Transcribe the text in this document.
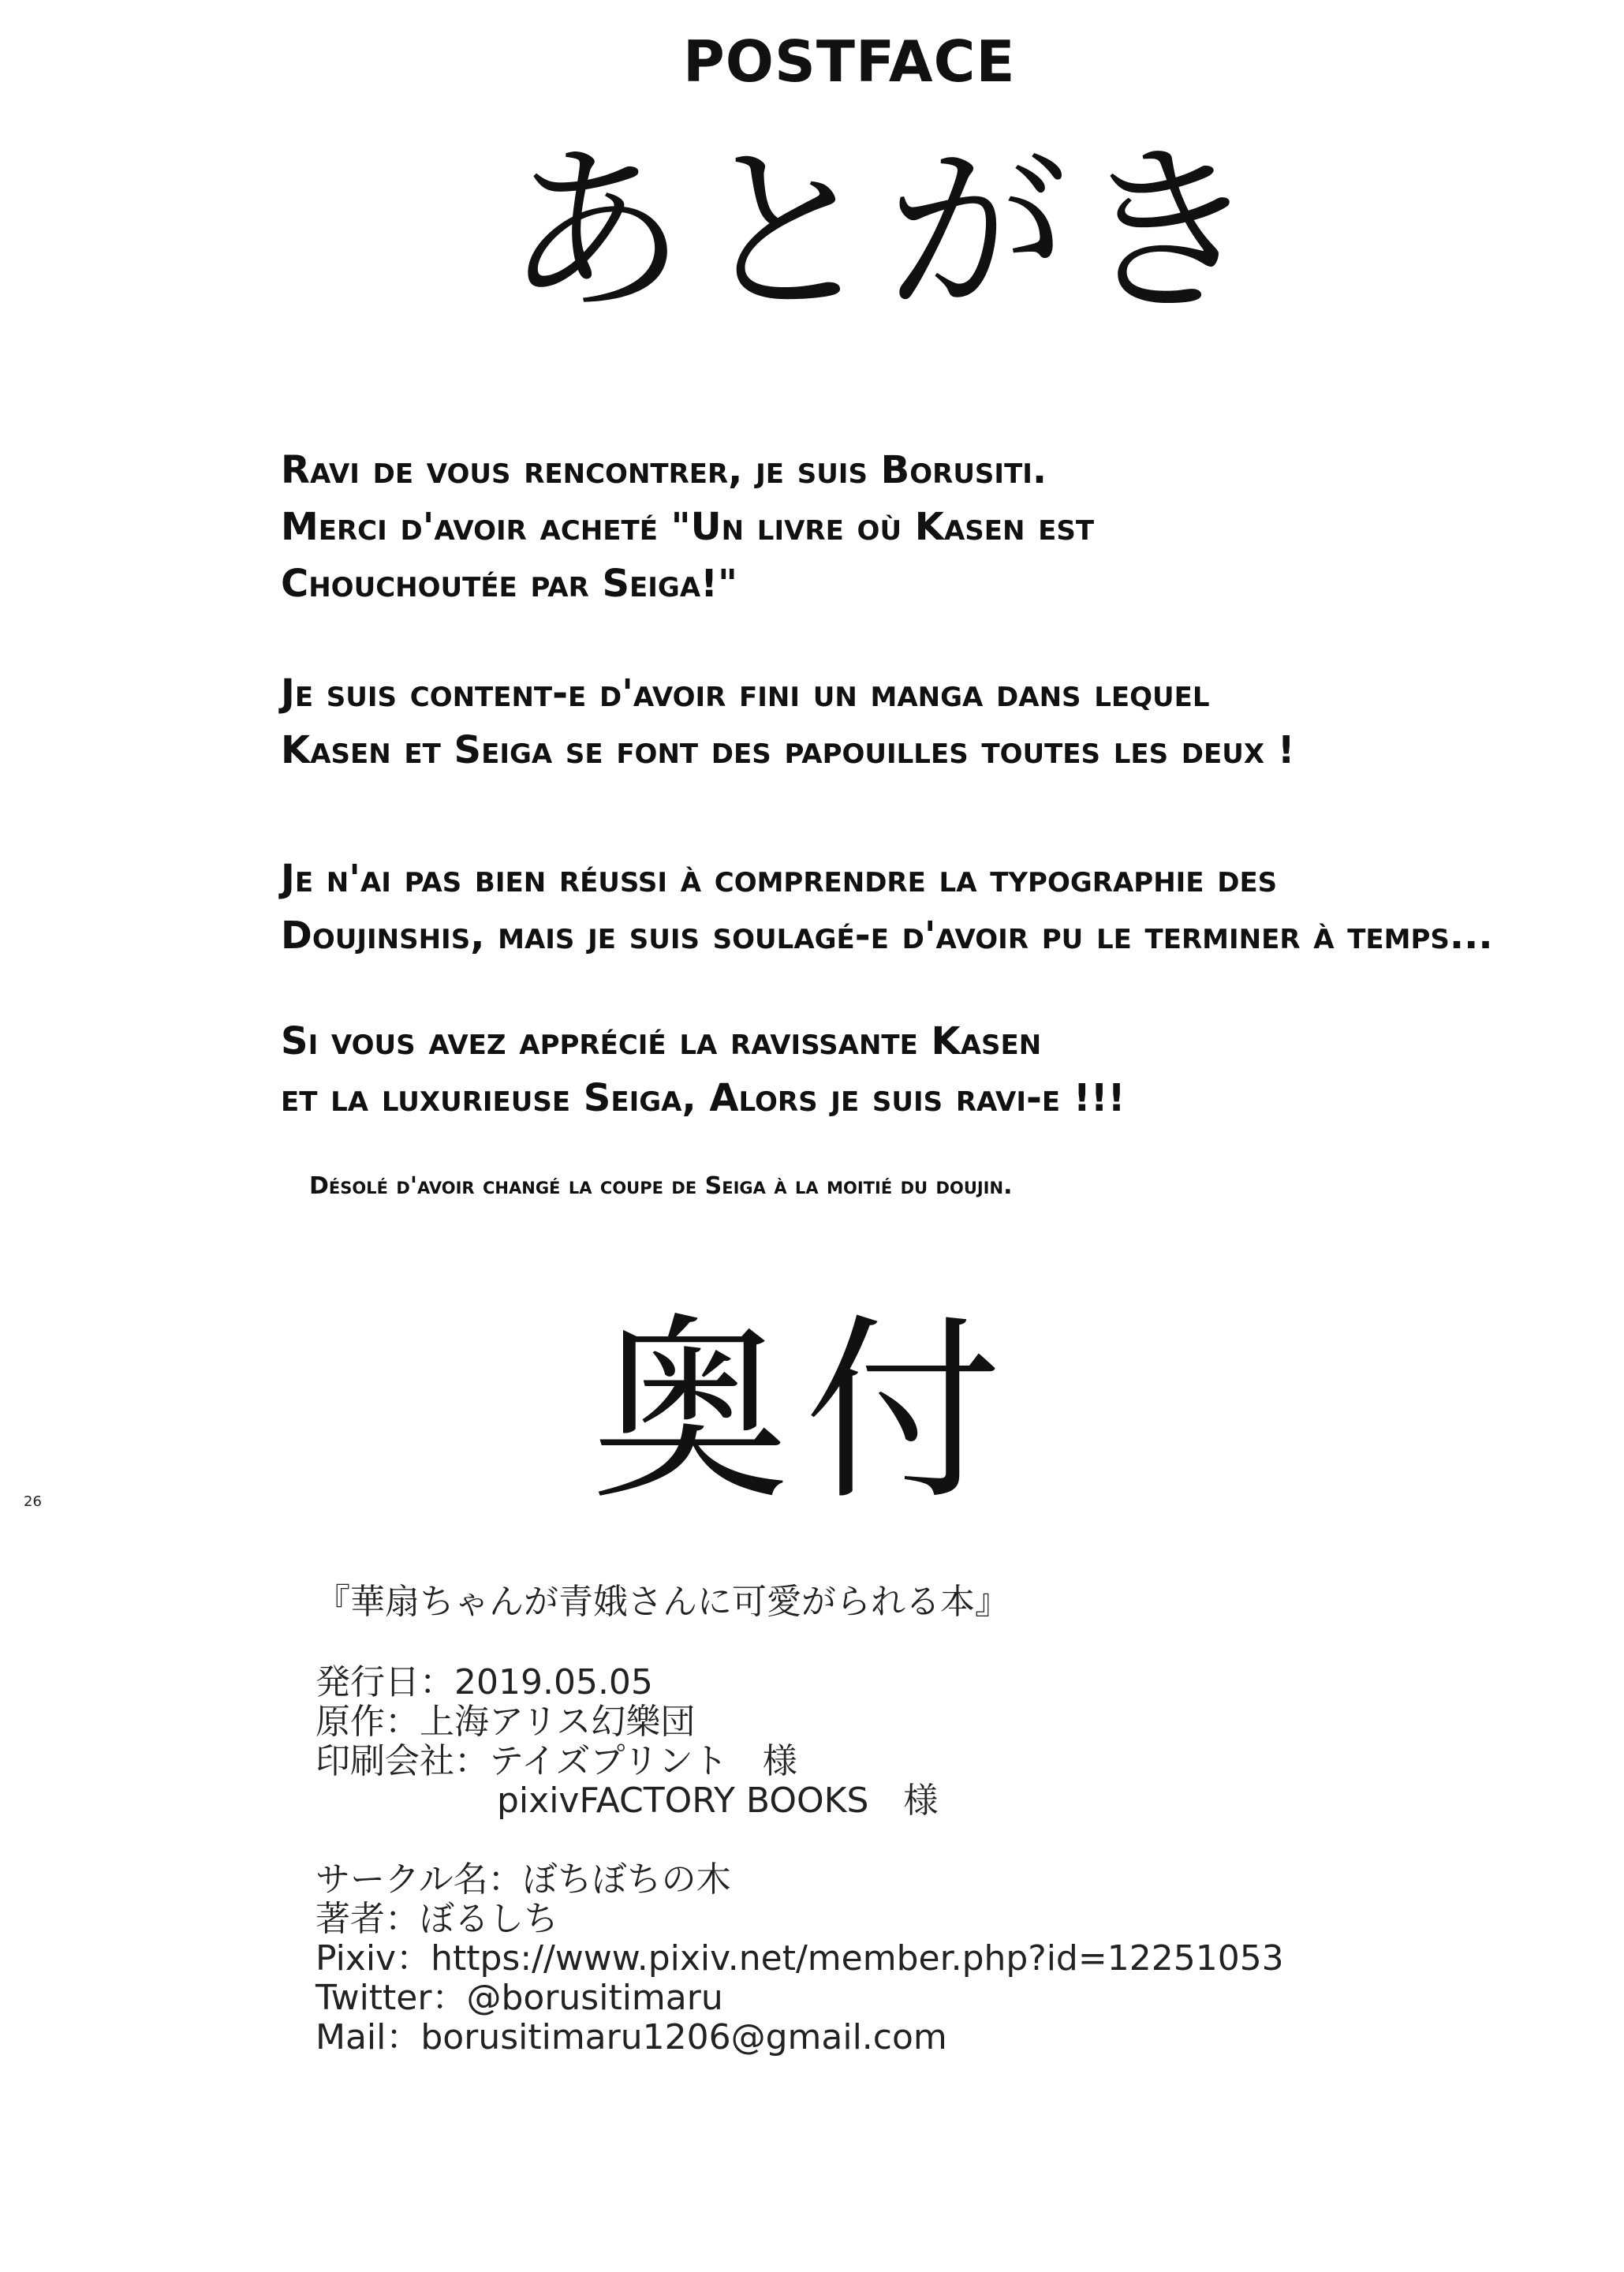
POSTFACE
あとがき
Ravi de vous rencontrer, je suis Borusiti.
Merci d'avoir acheté "Un livre où Kasen est
Chouchoutée par Seiga!"
Je suis content-e d'avoir fini un manga dans lequel
Kasen et Seiga se font des papouilles toutes les deux !
Je n'ai pas bien réussi à comprendre la typographie des
Doujinshis, mais je suis soulagé-e d'avoir pu le terminer à temps...
Si vous avez apprécié la ravissante Kasen
et la luxurieuse Seiga, Alors je suis ravi-e !!!
Désolé d'avoir changé la coupe de Seiga à la moitié du doujin.
奥付
『華扇ちゃんが青娥さんに可愛がられる本』
発行日：2019.05.05
原作：上海アリス幻樂団
印刷会社：テイズプリント　様
pixivFACTORY BOOKS　様
サークル名：ぼちぼちの木
著者：ぼるしち
Pixiv：https://www.pixiv.net/member.php?id=12251053
Twitter：@borusitimaru
Mail：borusitimaru1206@gmail.com
26
